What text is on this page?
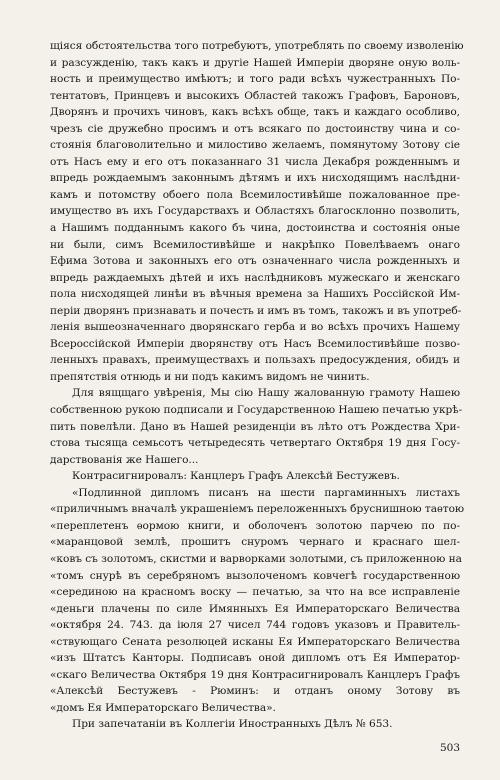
щіяся обстоятельства того потребуютъ, употреблять по своему изволенію
и разсужденію, такъ какъ и другіе Нашей Имперіи дворяне оную воль-
ность и преимущество имѣютъ; и того ради всѣхъ чужестранныхъ По-
тентатовъ, Принцевъ и высокихъ Областей такожъ Графовъ, Бароновъ,
Дворянъ и прочихъ чиновъ, какъ всѣхъ обще, такъ и каждаго особливо,
чрезъ сіе дружебно просимъ и отъ всякаго по достоинству чина и со-
стоянія благоволительно и милостиво желаемъ, помянутому Зотову сіе
отъ Насъ ему и его отъ показаннаго 31 числа Декабря рожденнымъ и
впредь рождаемымъ законнымъ дѣтямъ и ихъ нисходящимъ наслѣдни-
камъ и потомству обоего пола Всемилостивѣйше пожалованное пре-
имущество въ ихъ Государствахъ и Областяхъ благосклонно позволить,
а Нашимъ подданнымъ какого бъ чина, достоинства и состоянія оные
ни были, симъ Всемилостивѣйше и накрѣпко Повелѣваемъ онаго
Ефима Зотова и законныхъ его отъ означеннаго числа рожденныхъ и
впредь раждаемыхъ дѣтей и ихъ наслѣдниковъ мужескаго и женскаго
пола нисходящей линѣи въ вѣчныя времена за Нашихъ Россійской Им-
періи дворянъ признавать и почесть и имъ въ томъ, такожъ и въ употреб-
ленія вышеозначеннаго дворянскаго герба и во всѣхъ прочихъ Нашему
Всероссійской Имперіи дворянству отъ Насъ Всемилостивѣйше позво-
ленныхъ правахъ, преимуществахъ и пользахъ предосуждения, обидъ и
препятствія отнюдь и ни подъ какимъ видомъ не чинить.
Для вящщаго увѣренія, Мы сію Нашу жалованную грамоту Нашею
собственною рукою подписали и Государственною Нашею печатью укрѣ-
пить повелѣли. Дано въ Нашей резиденціи въ лѣто отъ Рождества Хри-
стова тысяща семьсотъ четыредесять четвертаго Октября 19 дня Госу-
дарствованія же Нашего...
Контрасигнировалъ: Канцлеръ Графъ Алексѣй Бестужевъ.
«Подлинной дипломъ писанъ на шести паргаминныхъ листахъ
«приличнымъ вначалѣ украшеніемъ переложенныхъ бруснишною таѳтою
«переплетенъ ѳормою книги, и оболоченъ золотою парчею по по-
«маранцовой землѣ, прошитъ снуромъ чернаго и краснаго шел-
«ковъ съ золотомъ, скистми и варворками золотыми, съ приложенною на
«томъ снурѣ въ серебряномъ вызолоченомъ ковчегѣ государственною
«серединою на красномъ воску — печатью, за что на все исправленіе
«деньги плачены по силе Имянныхъ Ея Императорскаго Величества
«октября 24. 743. да іюля 27 чисел 744 годовъ указовъ и Правитель-
«ствующаго Сената резолюцей исканы Ея Императорскаго Величества
«изъ Штатсъ Канторы. Подписавъ оной дипломъ отъ Ея Император-
«скаго Величества Октября 19 дня Контрасигнировалъ Канцлеръ Графъ
«Алексѣй Бестужевъ - Рюминъ: и отданъ оному Зотову въ
«домъ Ея Императорскаго Величества».
При запечатаніи въ Коллегіи Иностранныхъ Дѣлъ № 653.
503
